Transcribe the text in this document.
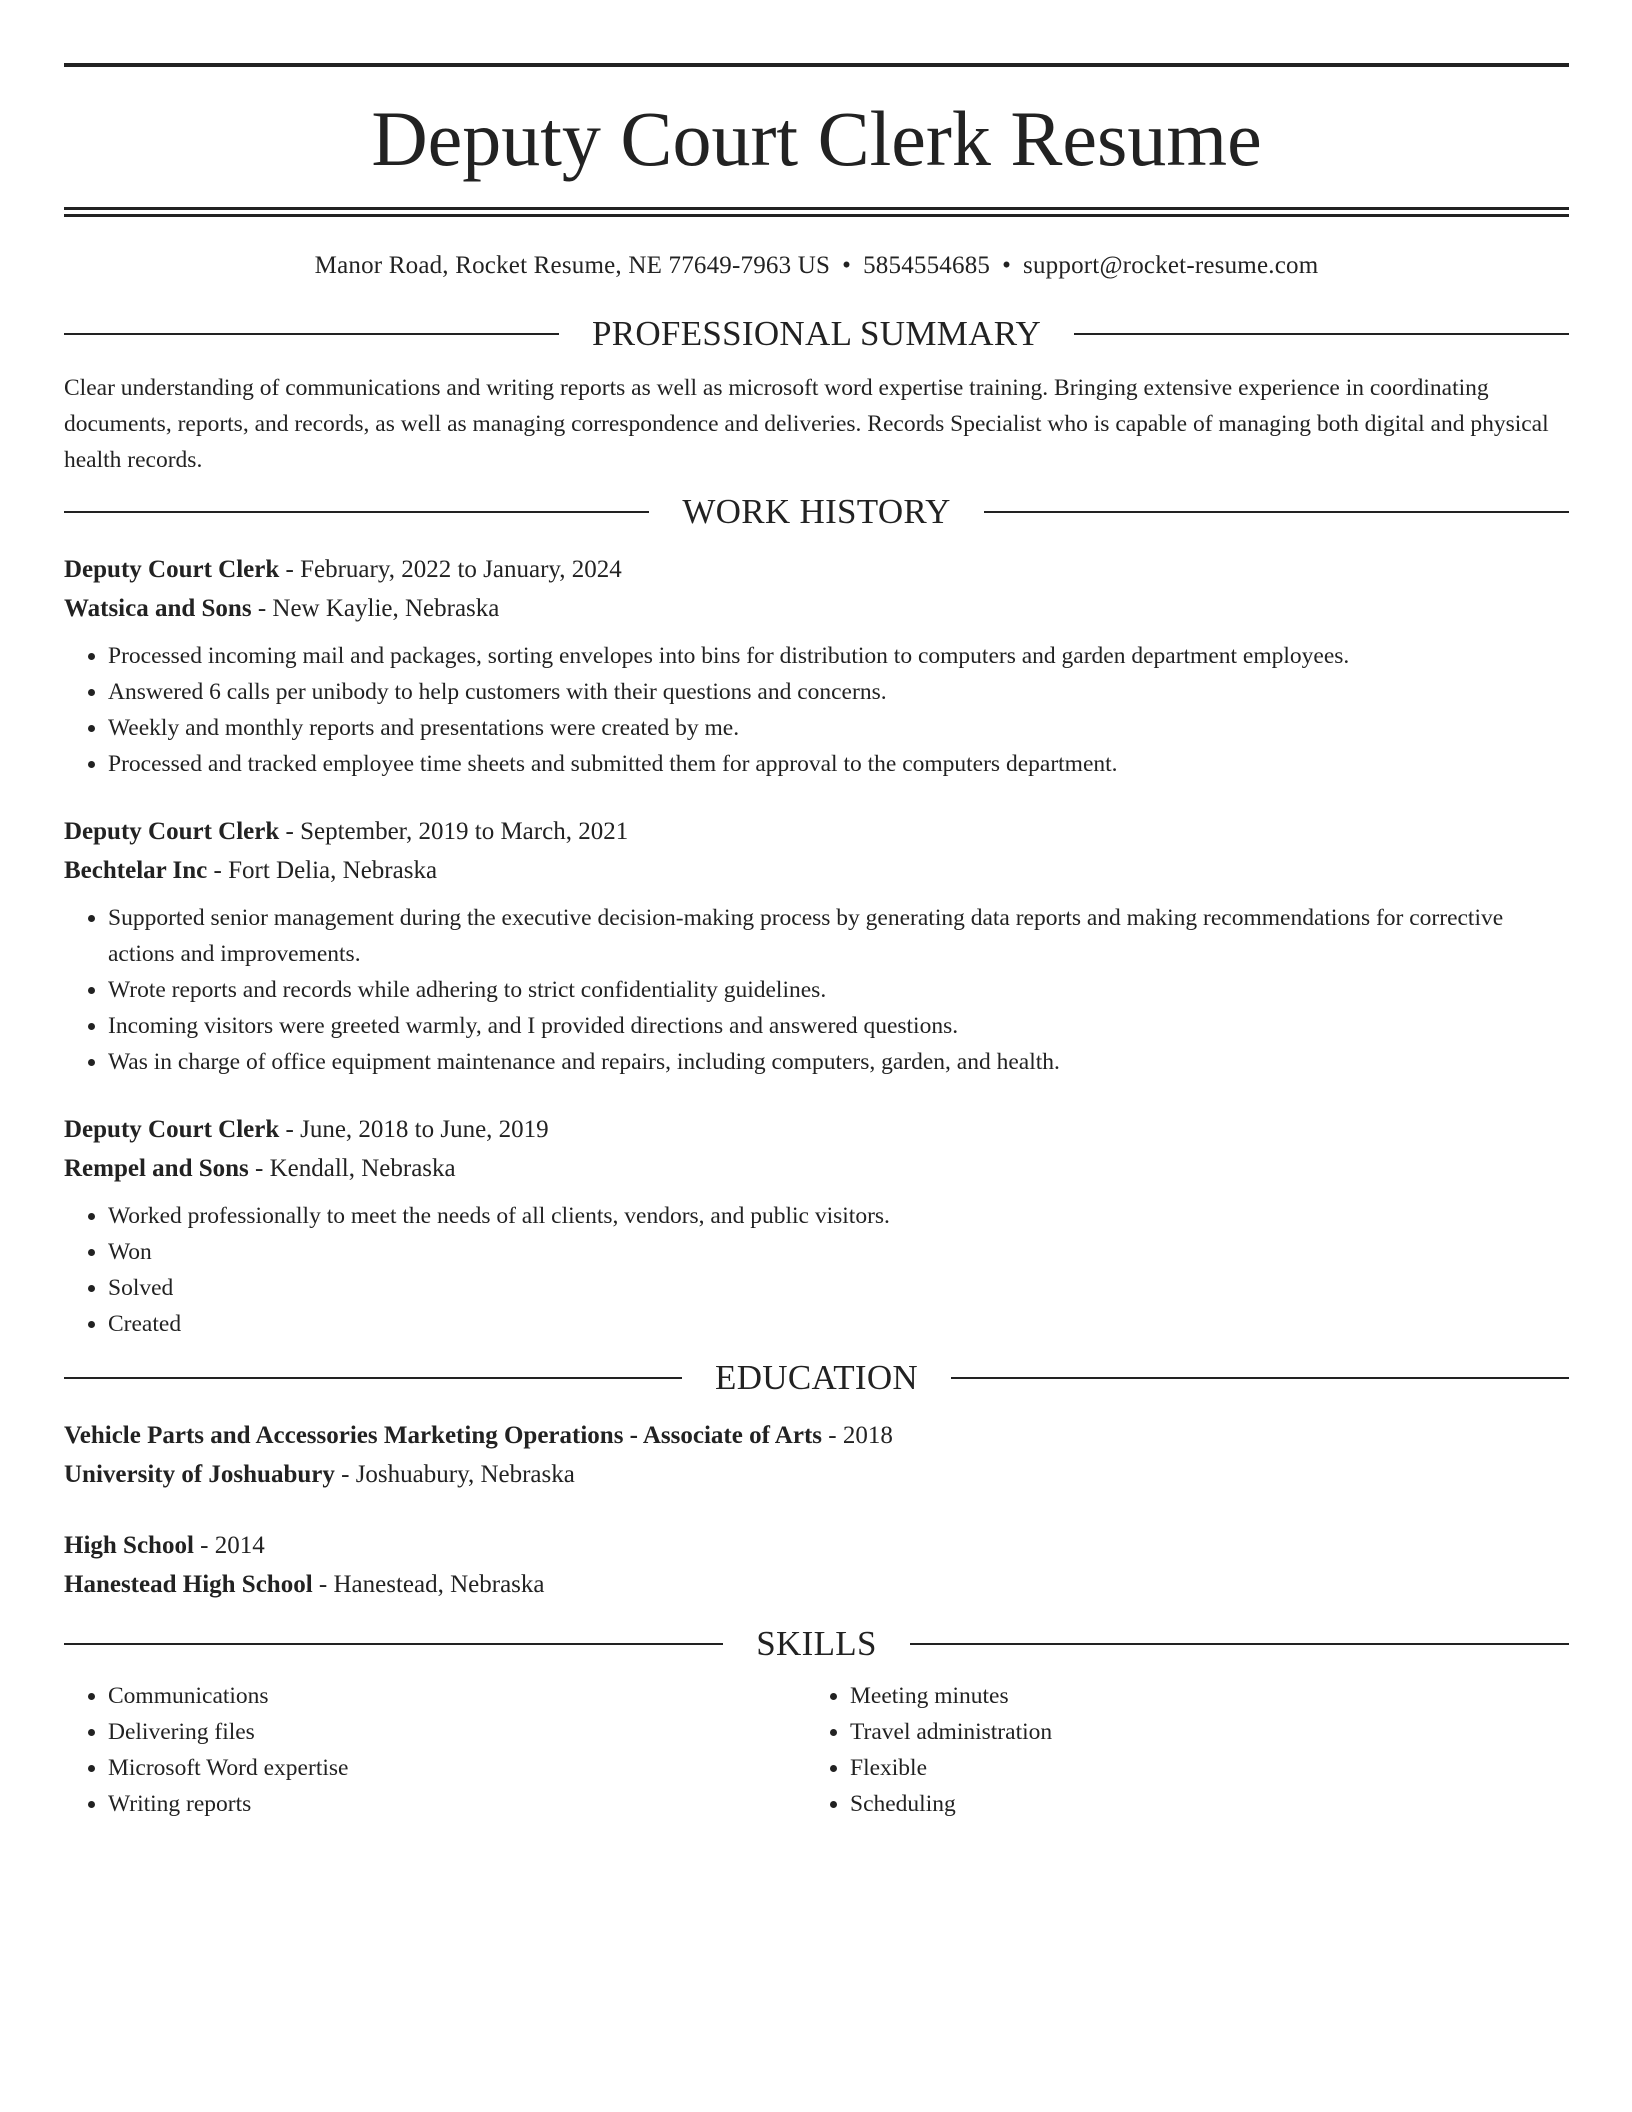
Deputy Court Clerk Resume
Manor Road, Rocket Resume, NE 77649-7963 US • 5854554685 • support@rocket-resume.com
PROFESSIONAL SUMMARY
Clear understanding of communications and writing reports as well as microsoft word expertise training. Bringing extensive experience in coordinating documents, reports, and records, as well as managing correspondence and deliveries. Records Specialist who is capable of managing both digital and physical health records.
WORK HISTORY
Deputy Court Clerk - February, 2022 to January, 2024
Watsica and Sons - New Kaylie, Nebraska
• Processed incoming mail and packages, sorting envelopes into bins for distribution to computers and garden department employees.
• Answered 6 calls per unibody to help customers with their questions and concerns.
• Weekly and monthly reports and presentations were created by me.
• Processed and tracked employee time sheets and submitted them for approval to the computers department.
Deputy Court Clerk - September, 2019 to March, 2021
Bechtelar Inc - Fort Delia, Nebraska
• Supported senior management during the executive decision-making process by generating data reports and making recommendations for corrective actions and improvements.
• Wrote reports and records while adhering to strict confidentiality guidelines.
• Incoming visitors were greeted warmly, and I provided directions and answered questions.
• Was in charge of office equipment maintenance and repairs, including computers, garden, and health.
Deputy Court Clerk - June, 2018 to June, 2019
Rempel and Sons - Kendall, Nebraska
• Worked professionally to meet the needs of all clients, vendors, and public visitors.
• Won
• Solved
• Created
EDUCATION
Vehicle Parts and Accessories Marketing Operations - Associate of Arts - 2018
University of Joshuabury - Joshuabury, Nebraska
High School - 2014
Hanestead High School - Hanestead, Nebraska
SKILLS
• Communications
• Delivering files
• Microsoft Word expertise
• Writing reports
• Meeting minutes
• Travel administration
• Flexible
• Scheduling
